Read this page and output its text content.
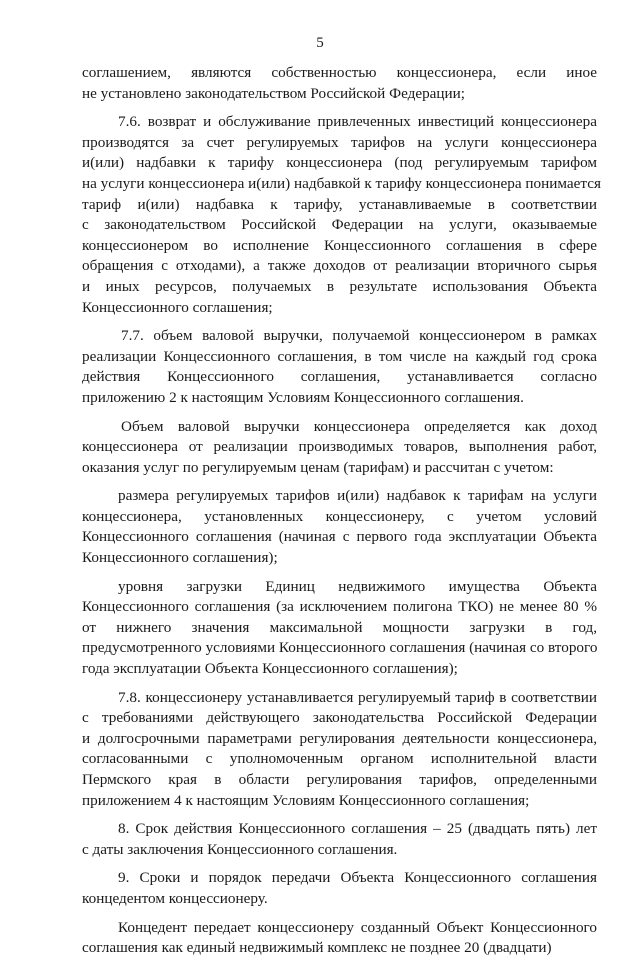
5

соглашением, являются собственностью концессионера, если иное
не установлено законодательством Российской Федерации;

7.6. возврат и обслуживание привлеченных инвестиций концессионера
производятся за счет регулируемых тарифов на услуги концессионера
и(или) надбавки к тарифу концессионера (под регулируемым тарифом
на услуги концессионера и(или) надбавкой к тарифу концессионера понимается
тариф и(или) надбавка к тарифу, устанавливаемые в соответствии
с законодательством Российской Федерации на услуги, оказываемые
концессионером во исполнение Концессионного соглашения в сфере
обращения с отходами), а также доходов от реализации вторичного сырья
и иных ресурсов, получаемых в результате использования Объекта
Концессионного соглашения;

7.7. объем валовой выручки, получаемой концессионером в рамках
реализации Концессионного соглашения, в том числе на каждый год срока
действия Концессионного соглашения, устанавливается согласно
приложению 2 к настоящим Условиям Концессионного соглашения.

Объем валовой выручки концессионера определяется как доход
концессионера от реализации производимых товаров, выполнения работ,
оказания услуг по регулируемым ценам (тарифам) и рассчитан с учетом:

размера регулируемых тарифов и(или) надбавок к тарифам на услуги
концессионера, установленных концессионеру, с учетом условий
Концессионного соглашения (начиная с первого года эксплуатации Объекта
Концессионного соглашения);

уровня загрузки Единиц недвижимого имущества Объекта
Концессионного соглашения (за исключением полигона ТКО) не менее 80 %
от нижнего значения максимальной мощности загрузки в год,
предусмотренного условиями Концессионного соглашения (начиная со второго
года эксплуатации Объекта Концессионного соглашения);

7.8. концессионеру устанавливается регулируемый тариф в соответствии
с требованиями действующего законодательства Российской Федерации
и долгосрочными параметрами регулирования деятельности концессионера,
согласованными с уполномоченным органом исполнительной власти
Пермского края в области регулирования тарифов, определенными
приложением 4 к настоящим Условиям Концессионного соглашения;

8. Срок действия Концессионного соглашения – 25 (двадцать пять) лет
с даты заключения Концессионного соглашения.

9. Сроки и порядок передачи Объекта Концессионного соглашения
концедентом концессионеру.

Концедент передает концессионеру созданный Объект Концессионного
соглашения как единый недвижимый комплекс не позднее 20 (двадцати)
